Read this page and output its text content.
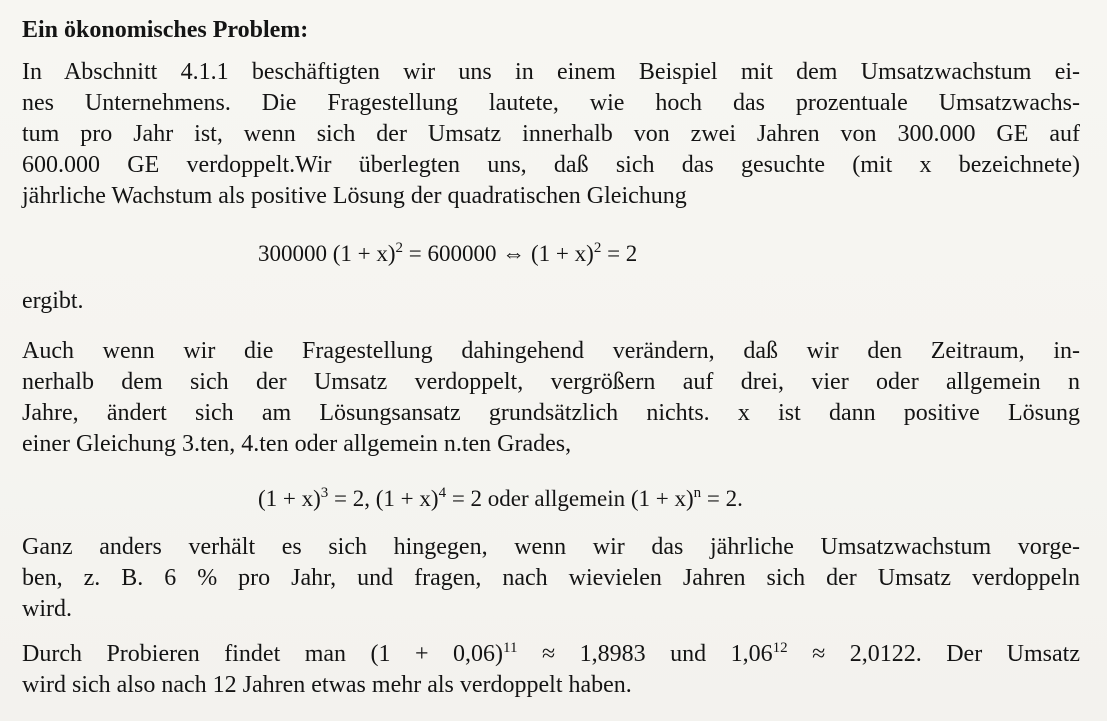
Ein ökonomisches Problem:
In Abschnitt 4.1.1 beschäftigten wir uns in einem Beispiel mit dem Umsatzwachstum ei-
nes Unternehmens. Die Fragestellung lautete, wie hoch das prozentuale Umsatzwachs-
tum pro Jahr ist, wenn sich der Umsatz innerhalb von zwei Jahren von 300.000 GE auf
600.000 GE verdoppelt.Wir überlegten uns, daß sich das gesuchte (mit x bezeichnete)
jährliche Wachstum als positive Lösung der quadratischen Gleichung
300000 $(1 + x)^2 = 600000$ ⇔ $(1 + x)^2 = 2$
ergibt.
Auch wenn wir die Fragestellung dahingehend verändern, daß wir den Zeitraum, in-
nerhalb dem sich der Umsatz verdoppelt, vergrößern auf drei, vier oder allgemein n
Jahre, ändert sich am Lösungsansatz grundsätzlich nichts. x ist dann positive Lösung
einer Gleichung 3.ten, 4.ten oder allgemein n.ten Grades,
$(1 + x)^3 = 2$, $(1 + x)^4 = 2$ oder allgemein $(1 + x)^n = 2$.
Ganz anders verhält es sich hingegen, wenn wir das jährliche Umsatzwachstum vorge-
ben, z. B. 6 % pro Jahr, und fragen, nach wievielen Jahren sich der Umsatz verdoppeln
wird.
Durch Probieren findet man $(1 + 0,06)^{11} \approx 1,8983$ und $1,06^{12} \approx 2,0122$. Der Umsatz
wird sich also nach 12 Jahren etwas mehr als verdoppelt haben.
